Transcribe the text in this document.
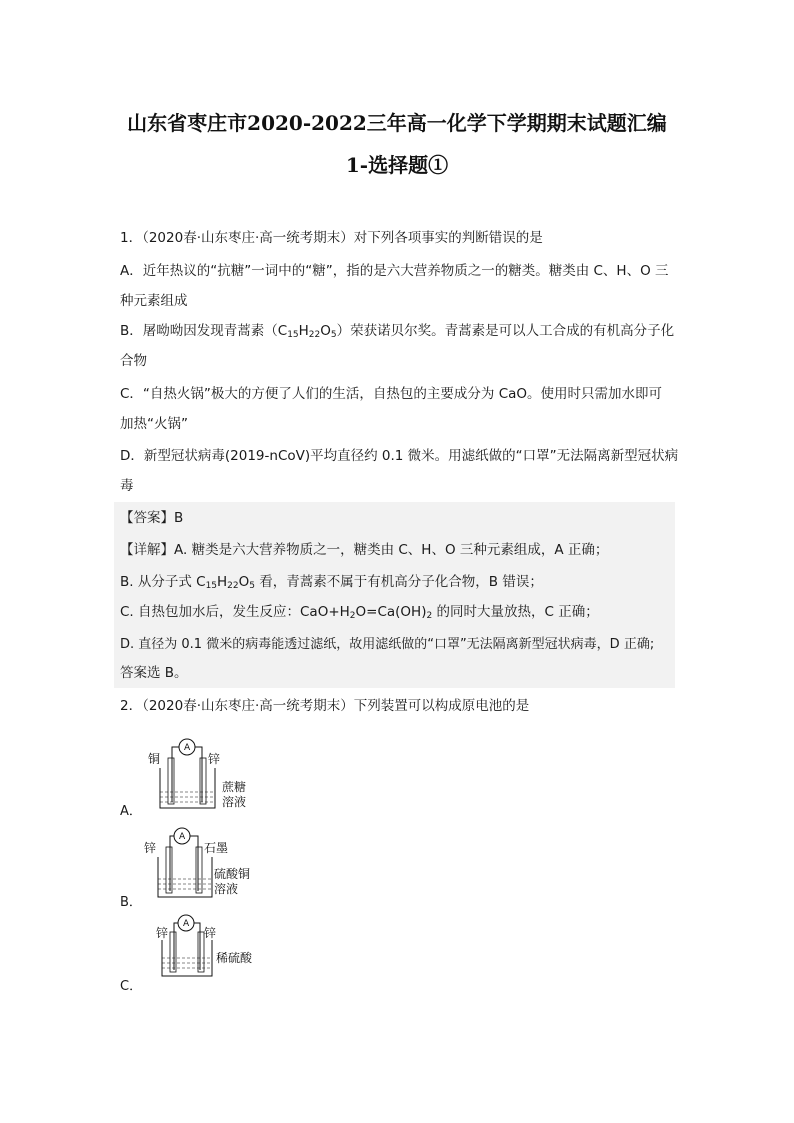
山东省枣庄市2020-2022三年高一化学下学期期末试题汇编
1-选择题①
1．（2020春·山东枣庄·高一统考期末）对下列各项事实的判断错误的是
A．近年热议的“抗糖”一词中的“糖”，指的是六大营养物质之一的糖类。糖类由 C、H、O 三
种元素组成
B．屠呦呦因发现青蒿素$(C_{15}H_{22}O_5)$荣获诺贝尔奖。青蒿素是可以人工合成的有机高分子化
合物
C．“自热火锅”极大的方便了人们的生活，自热包的主要成分为 CaO。使用时只需加水即可
加热“火锅”
D．新型冠状病毒(2019-nCoV)平均直径约 0.1 微米。用滤纸做的“口罩”无法隔离新型冠状病
毒
【答案】B
【详解】A. 糖类是六大营养物质之一，糖类由 C、H、O 三种元素组成，A 正确；
B. 从分子式 $C_{15}H_{22}O_5$ 看，青蒿素不属于有机高分子化合物，B 错误；
C. 自热包加水后，发生反应：$CaO+H_2O=Ca(OH)_2$ 的同时大量放热，C 正确；
D. 直径为 0.1 微米的病毒能透过滤纸，故用滤纸做的“口罩”无法隔离新型冠状病毒，D 正确;
答案选 B。
2．（2020春·山东枣庄·高一统考期末）下列装置可以构成原电池的是
A
铜	锌
蔗糖
溶液
A．
A
锌	石墨
硫酸铜
溶液
B．
A
锌	锌
稀硫酸
C．
